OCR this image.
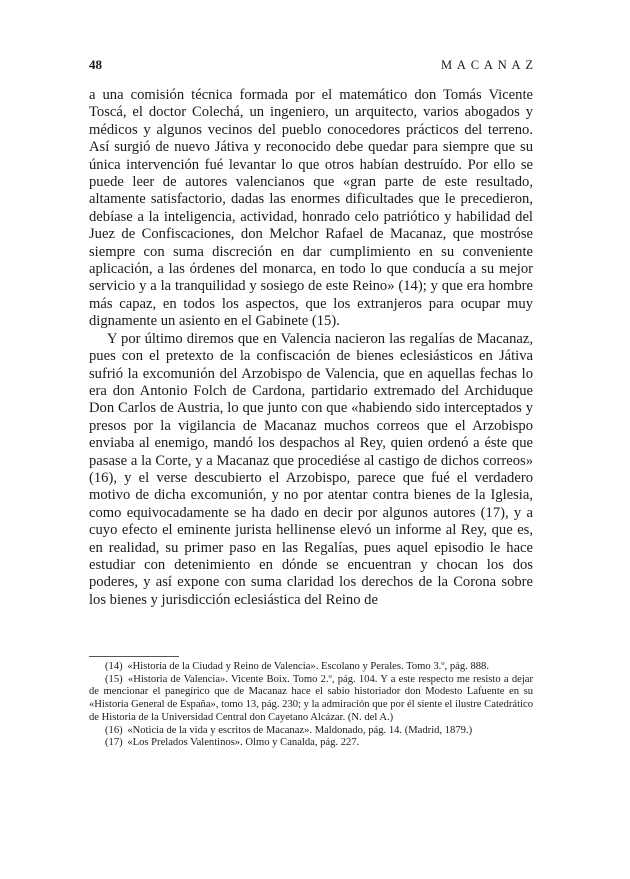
48	MACANAZ

a una comisión técnica formada por el matemático don Tomás Vicente Toscá, el doctor Colechá, un ingeniero, un arquitecto, varios abogados y médicos y algunos vecinos del pueblo conocedores prácticos del terreno. Así surgió de nuevo Játiva y reconocido debe quedar para siempre que su única intervención fué levantar lo que otros habían destruído. Por ello se puede leer de autores valencianos que «gran parte de este resultado, altamente satisfactorio, dadas las enormes dificultades que le precedieron, debíase a la inteligencia, actividad, honrado celo patriótico y habilidad del Juez de Confiscaciones, don Melchor Rafael de Macanaz, que mostróse siempre con suma discreción en dar cumplimiento en su conveniente aplicación, a las órdenes del monarca, en todo lo que conducía a su mejor servicio y a la tranquilidad y sosiego de este Reino» (14); y que era hombre más capaz, en todos los aspectos, que los extranjeros para ocupar muy dignamente un asiento en el Gabinete (15).

Y por último diremos que en Valencia nacieron las regalías de Macanaz, pues con el pretexto de la confiscación de bienes eclesiásticos en Játiva sufrió la excomunión del Arzobispo de Valencia, que en aquellas fechas lo era don Antonio Folch de Cardona, partidario extremado del Archiduque Don Carlos de Austria, lo que junto con que «habiendo sido interceptados y presos por la vigilancia de Macanaz muchos correos que el Arzobispo enviaba al enemigo, mandó los despachos al Rey, quien ordenó a éste que pasase a la Corte, y a Macanaz que procediése al castigo de dichos correos» (16), y el verse descubierto el Arzobispo, parece que fué el verdadero motivo de dicha excomunión, y no por atentar contra bienes de la Iglesia, como equivocadamente se ha dado en decir por algunos autores (17), y a cuyo efecto el eminente jurista hellinense elevó un informe al Rey, que es, en realidad, su primer paso en las Regalías, pues aquel episodio le hace estudiar con detenimiento en dónde se encuentran y chocan los dos poderes, y así expone con suma claridad los derechos de la Corona sobre los bienes y jurisdicción eclesiástica del Reino de

(14) «Historia de la Ciudad y Reino de Valencia». Escolano y Perales. Tomo 3.º, pág. 888.

(15) «Historia de Valencia». Vicente Boix. Tomo 2.º, pág. 104. Y a este respecto me resisto a dejar de mencionar el panegírico que de Macanaz hace el sabio historiador don Modesto Lafuente en su «Historia General de España», tomo 13, pág. 230; y la admiración que por él siente el ilustre Catedrático de Historia de la Universidad Central don Cayetano Alcázar. (N. del A.)

(16) «Noticia de la vida y escritos de Macanaz». Maldonado, pág. 14. (Madrid, 1879.)

(17) «Los Prelados Valentinos». Olmo y Canalda, pág. 227.
